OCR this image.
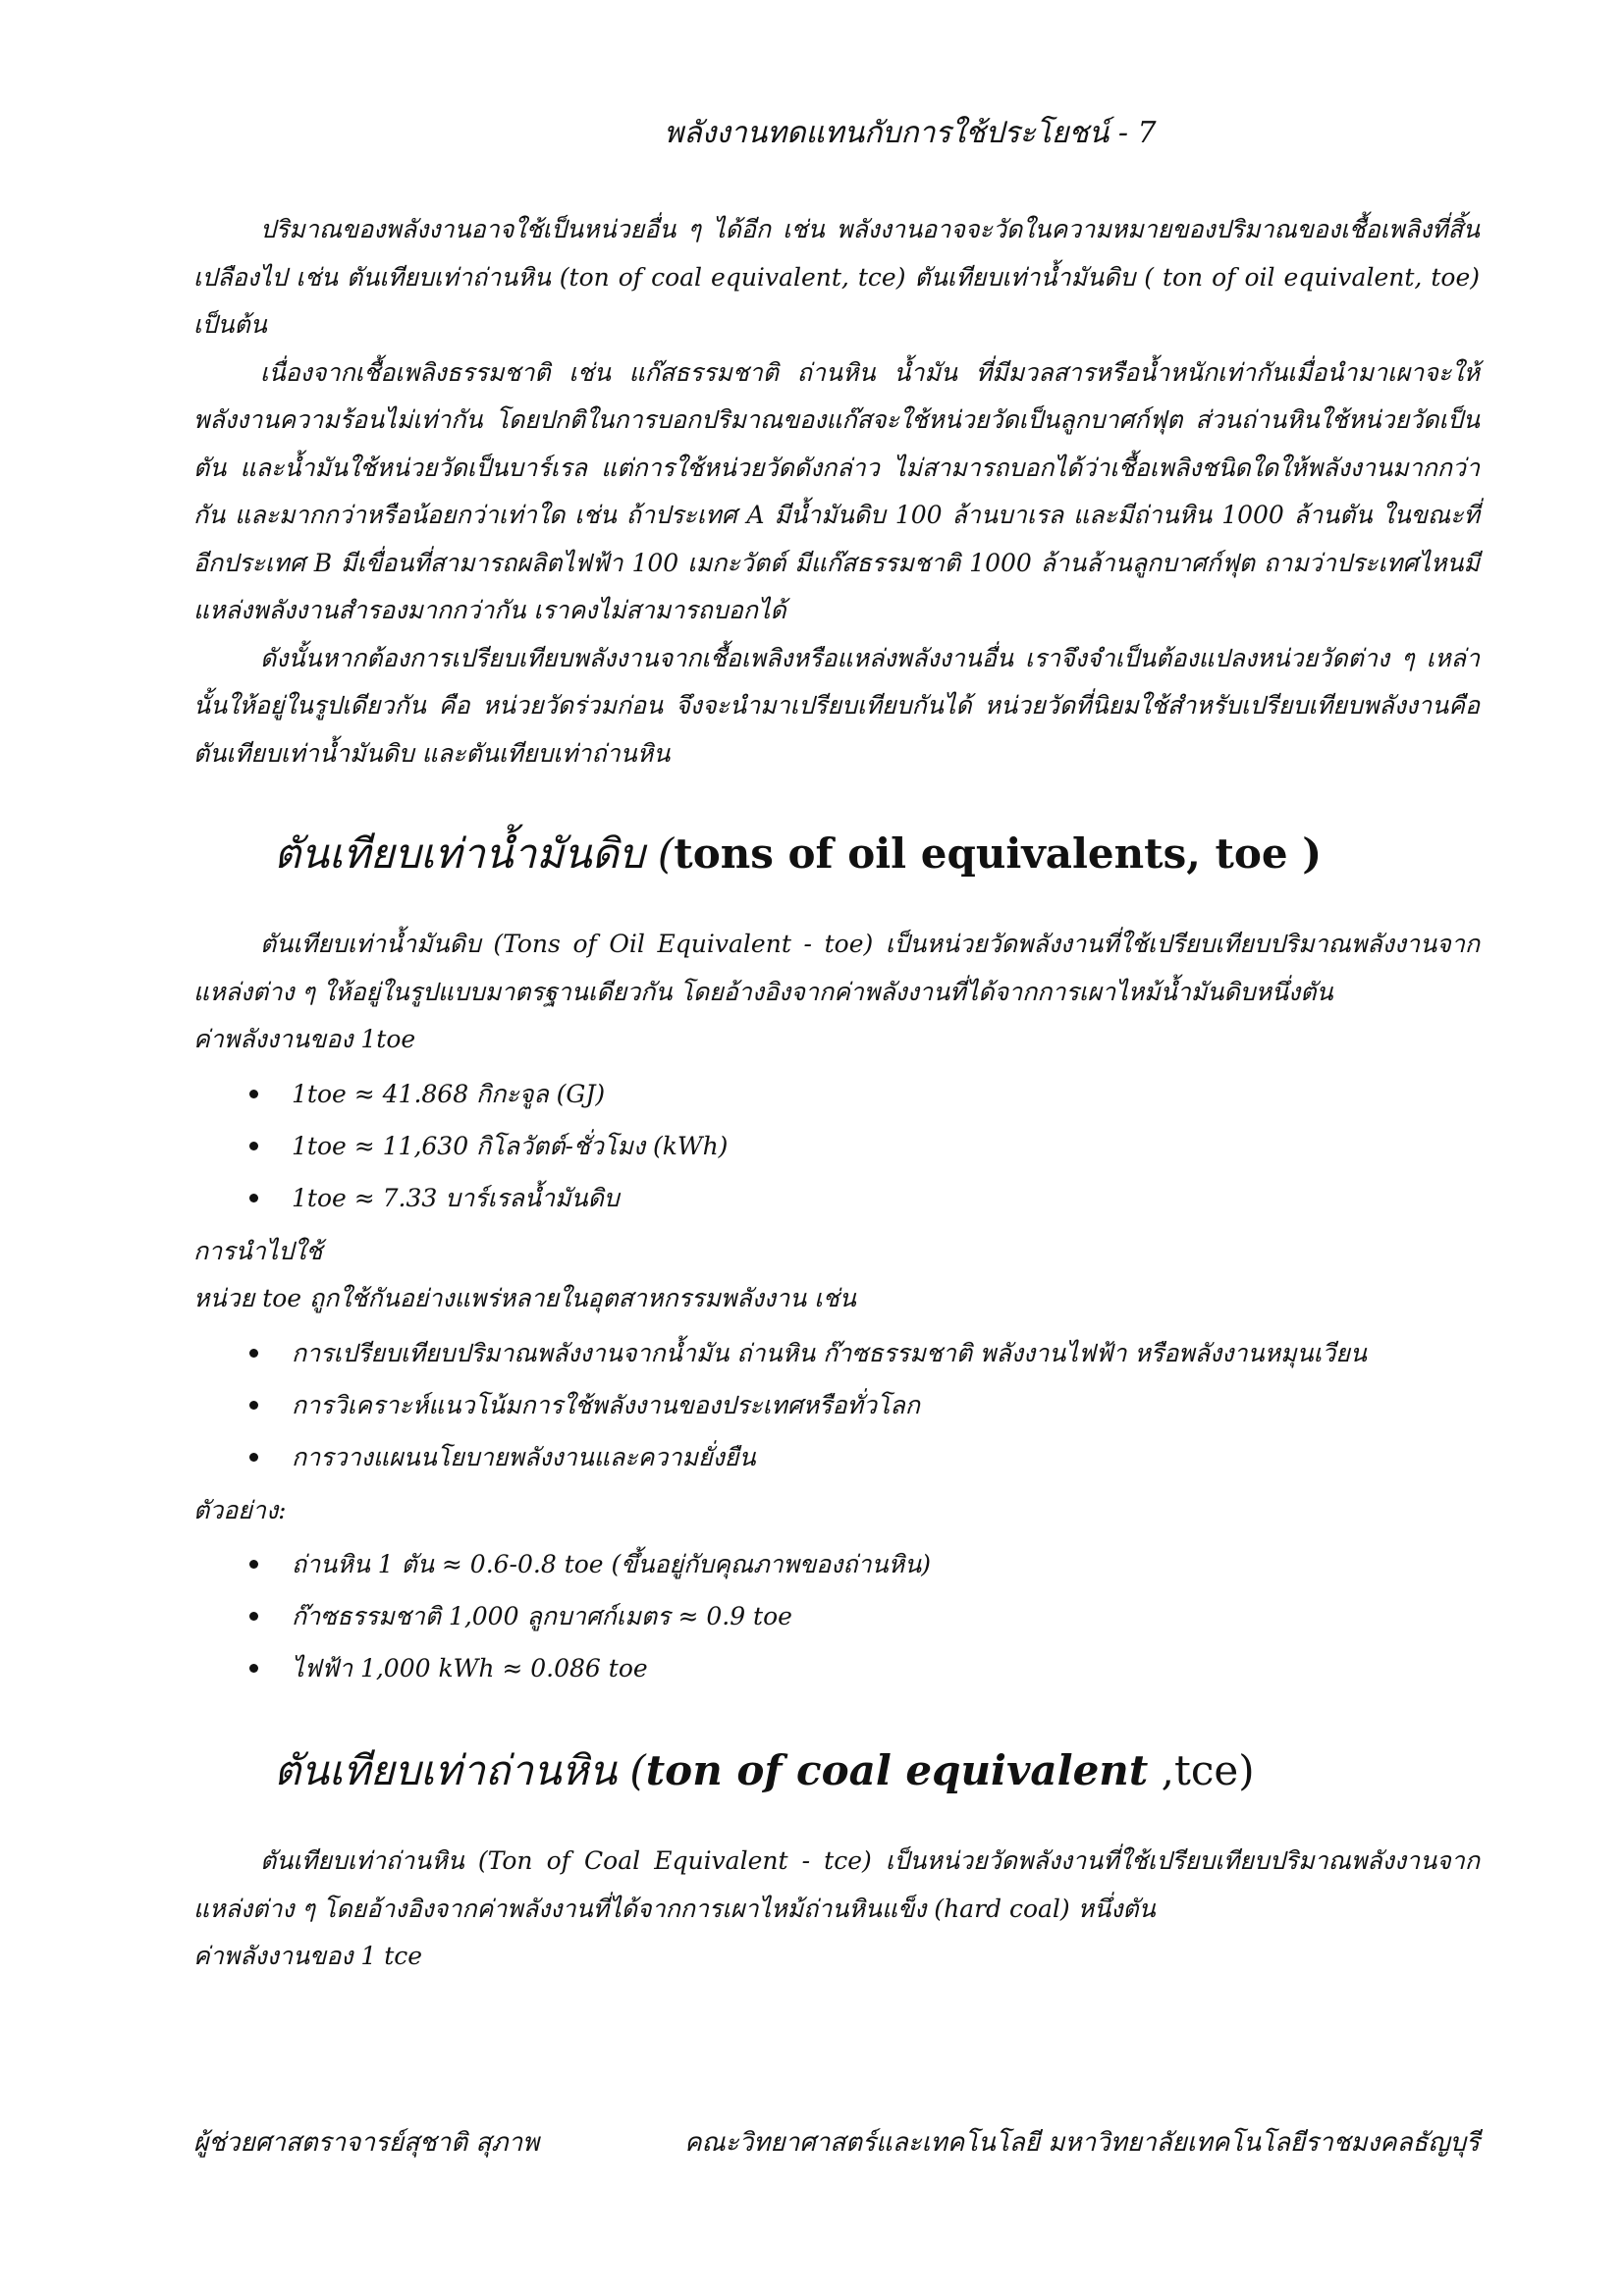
พลังงานทดแทนกับการใช้ประโยชน์ - 7

ปริมาณของพลังงานอาจใช้เป็นหน่วยอื่น ๆ ได้อีก เช่น พลังงานอาจจะวัดในความหมายของปริมาณของเชื้อเพลิงที่สิ้นเปลืองไป เช่น ตันเทียบเท่าถ่านหิน (ton of coal equivalent, tce) ตันเทียบเท่าน้ำมันดิบ ( ton of oil equivalent, toe) เป็นต้น

เนื่องจากเชื้อเพลิงธรรมชาติ เช่น แก๊สธรรมชาติ ถ่านหิน น้ำมัน ที่มีมวลสารหรือน้ำหนักเท่ากันเมื่อนำมาเผาจะให้พลังงานความร้อนไม่เท่ากัน โดยปกติในการบอกปริมาณของแก๊สจะใช้หน่วยวัดเป็นลูกบาศก์ฟุต ส่วนถ่านหินใช้หน่วยวัดเป็นตัน และน้ำมันใช้หน่วยวัดเป็นบาร์เรล แต่การใช้หน่วยวัดดังกล่าว ไม่สามารถบอกได้ว่าเชื้อเพลิงชนิดใดให้พลังงานมากกว่ากัน และมากกว่าหรือน้อยกว่าเท่าใด เช่น ถ้าประเทศ A มีน้ำมันดิบ 100 ล้านบาเรล และมีถ่านหิน 1000 ล้านตัน ในขณะที่อีกประเทศ B มีเขื่อนที่สามารถผลิตไฟฟ้า 100 เมกะวัตต์ มีแก๊สธรรมชาติ 1000 ล้านล้านลูกบาศก์ฟุต ถามว่าประเทศไหนมีแหล่งพลังงานสำรองมากกว่ากัน เราคงไม่สามารถบอกได้

ดังนั้นหากต้องการเปรียบเทียบพลังงานจากเชื้อเพลิงหรือแหล่งพลังงานอื่น เราจึงจำเป็นต้องแปลงหน่วยวัดต่าง ๆ เหล่านั้นให้อยู่ในรูปเดียวกัน คือ หน่วยวัดร่วมก่อน จึงจะนำมาเปรียบเทียบกันได้ หน่วยวัดที่นิยมใช้สำหรับเปรียบเทียบพลังงานคือ ตันเทียบเท่าน้ำมันดิบ และตันเทียบเท่าถ่านหิน

ตันเทียบเท่าน้ำมันดิบ (tons of oil equivalents, toe )

ตันเทียบเท่าน้ำมันดิบ (Tons of Oil Equivalent - toe) เป็นหน่วยวัดพลังงานที่ใช้เปรียบเทียบปริมาณพลังงานจากแหล่งต่าง ๆ ให้อยู่ในรูปแบบมาตรฐานเดียวกัน โดยอ้างอิงจากค่าพลังงานที่ได้จากการเผาไหม้น้ำมันดิบหนึ่งตัน

ค่าพลังงานของ 1toe

1toe ≈ 41.868 กิกะจูล (GJ)
1toe ≈ 11,630 กิโลวัตต์-ชั่วโมง (kWh)
1toe ≈ 7.33 บาร์เรลน้ำมันดิบ

การนำไปใช้

หน่วย toe ถูกใช้กันอย่างแพร่หลายในอุตสาหกรรมพลังงาน เช่น

การเปรียบเทียบปริมาณพลังงานจากน้ำมัน ถ่านหิน ก๊าซธรรมชาติ พลังงานไฟฟ้า หรือพลังงานหมุนเวียน
การวิเคราะห์แนวโน้มการใช้พลังงานของประเทศหรือทั่วโลก
การวางแผนนโยบายพลังงานและความยั่งยืน

ตัวอย่าง:

ถ่านหิน 1 ตัน ≈ 0.6-0.8 toe (ขึ้นอยู่กับคุณภาพของถ่านหิน)
ก๊าซธรรมชาติ 1,000 ลูกบาศก์เมตร ≈ 0.9 toe
ไฟฟ้า 1,000 kWh ≈ 0.086 toe

ตันเทียบเท่าถ่านหิน (ton of coal equivalent ,tce)

ตันเทียบเท่าถ่านหิน (Ton of Coal Equivalent - tce) เป็นหน่วยวัดพลังงานที่ใช้เปรียบเทียบปริมาณพลังงานจากแหล่งต่าง ๆ โดยอ้างอิงจากค่าพลังงานที่ได้จากการเผาไหม้ถ่านหินแข็ง (hard coal) หนึ่งตัน

ค่าพลังงานของ 1 tce

ผู้ช่วยศาสตราจารย์สุชาติ สุภาพ	คณะวิทยาศาสตร์และเทคโนโลยี มหาวิทยาลัยเทคโนโลยีราชมงคลธัญบุรี
